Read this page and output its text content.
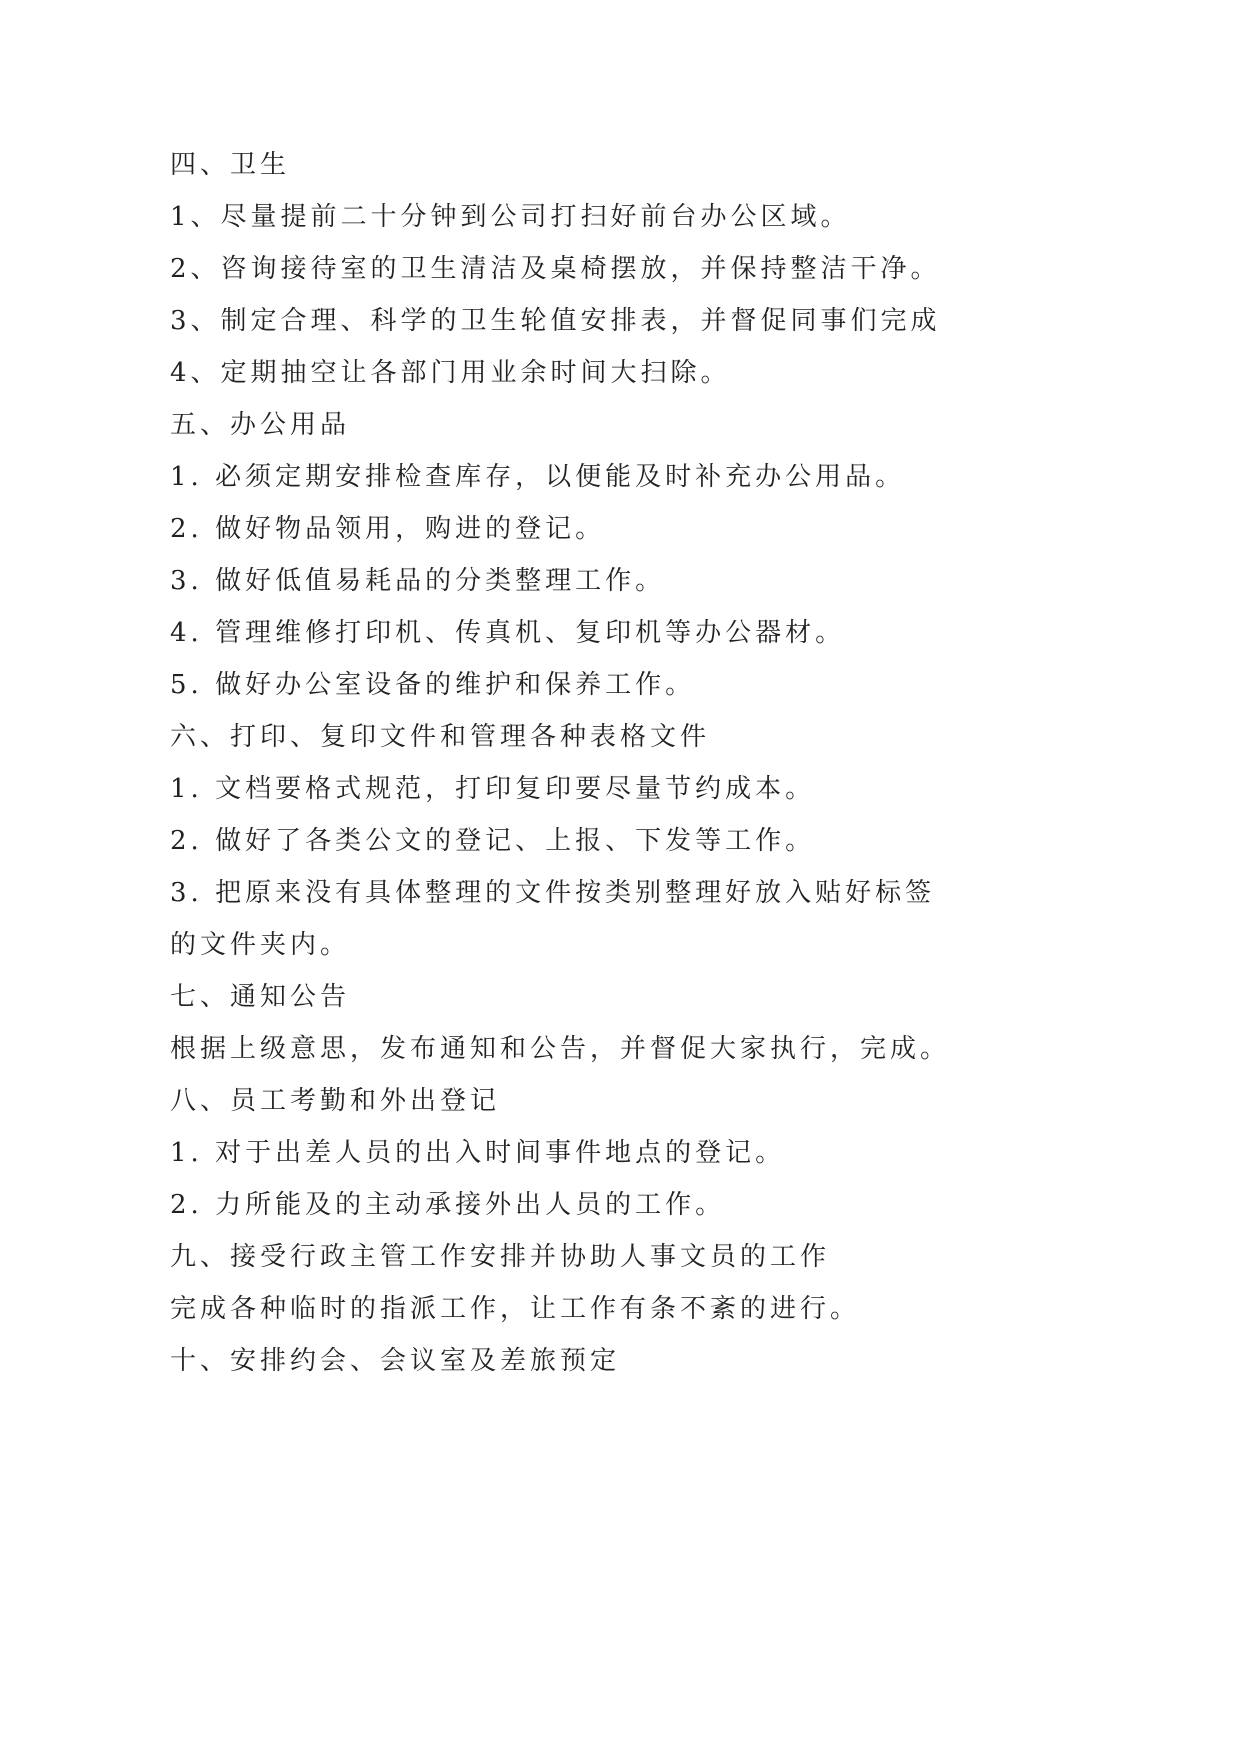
四、卫生
1、尽量提前二十分钟到公司打扫好前台办公区域。
2、咨询接待室的卫生清洁及桌椅摆放，并保持整洁干净。
3、制定合理、科学的卫生轮值安排表，并督促同事们完成
4、定期抽空让各部门用业余时间大扫除。
五、办公用品
1. 必须定期安排检查库存，以便能及时补充办公用品。
2. 做好物品领用，购进的登记。
3. 做好低值易耗品的分类整理工作。
4. 管理维修打印机、传真机、复印机等办公器材。
5. 做好办公室设备的维护和保养工作。
六、打印、复印文件和管理各种表格文件
1. 文档要格式规范，打印复印要尽量节约成本。
2. 做好了各类公文的登记、上报、下发等工作。
3. 把原来没有具体整理的文件按类别整理好放入贴好标签
的文件夹内。
七、通知公告
根据上级意思，发布通知和公告，并督促大家执行，完成。
八、员工考勤和外出登记
1. 对于出差人员的出入时间事件地点的登记。
2. 力所能及的主动承接外出人员的工作。
九、接受行政主管工作安排并协助人事文员的工作
完成各种临时的指派工作，让工作有条不紊的进行。
十、安排约会、会议室及差旅预定
